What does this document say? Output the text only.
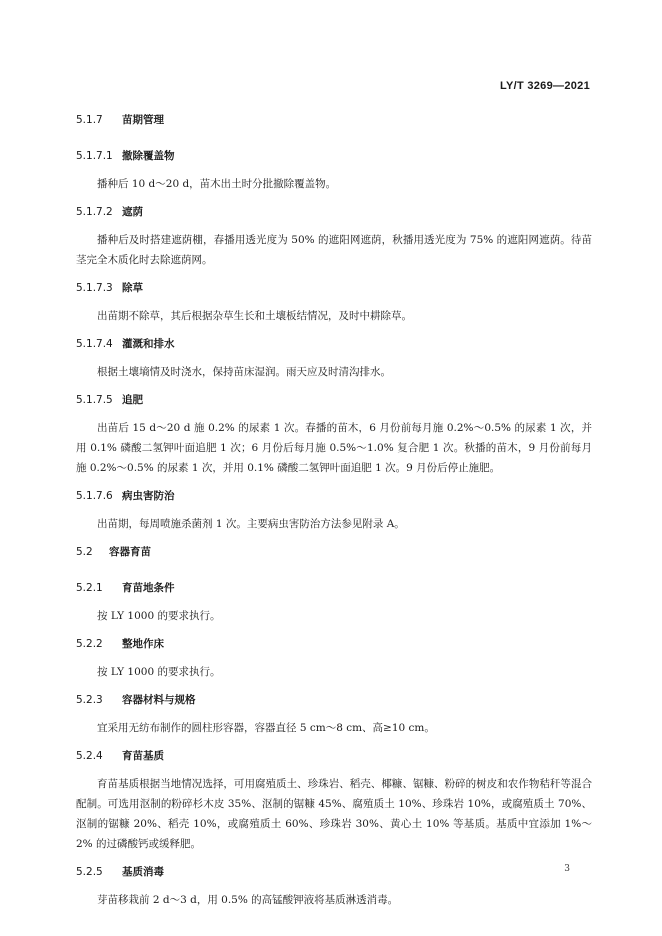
LY/T 3269—2021
5.1.7 苗期管理
5.1.7.1 撤除覆盖物

播种后 10 d～20 d，苗木出土时分批撤除覆盖物。

5.1.7.2 遮荫

播种后及时搭建遮荫棚，春播用透光度为 50% 的遮阳网遮荫，秋播用透光度为 75% 的遮阳网遮荫。待苗茎完全木质化时去除遮荫网。

5.1.7.3 除草

出苗期不除草，其后根据杂草生长和土壤板结情况，及时中耕除草。

5.1.7.4 灌溉和排水

根据土壤墒情及时浇水，保持苗床湿润。雨天应及时清沟排水。

5.1.7.5 追肥

出苗后 15 d～20 d 施 0.2% 的尿素 1 次。春播的苗木，6 月份前每月施 0.2%～0.5% 的尿素 1 次，并用 0.1% 磷酸二氢钾叶面追肥 1 次；6 月份后每月施 0.5%～1.0% 复合肥 1 次。秋播的苗木，9 月份前每月施 0.2%～0.5% 的尿素 1 次，并用 0.1% 磷酸二氢钾叶面追肥 1 次。9 月份后停止施肥。

5.1.7.6 病虫害防治

出苗期，每周喷施杀菌剂 1 次。主要病虫害防治方法参见附录 A。

5.2 容器育苗
5.2.1 育苗地条件

按 LY 1000 的要求执行。

5.2.2 整地作床

按 LY 1000 的要求执行。

5.2.3 容器材料与规格

宜采用无纺布制作的圆柱形容器，容器直径 5 cm～8 cm、高≥10 cm。

5.2.4 育苗基质

育苗基质根据当地情况选择，可用腐殖质土、珍珠岩、稻壳、椰糠、锯糠、粉碎的树皮和农作物秸秆等混合配制。可选用沤制的粉碎杉木皮 35%、沤制的锯糠 45%、腐殖质土 10%、珍珠岩 10%，或腐殖质土 70%、沤制的锯糠 20%、稻壳 10%，或腐殖质土 60%、珍珠岩 30%、黄心土 10% 等基质。基质中宜添加 1%～2% 的过磷酸钙或缓释肥。

5.2.5 基质消毒

芽苗移栽前 2 d～3 d，用 0.5% 的高锰酸钾液将基质淋透消毒。

3
